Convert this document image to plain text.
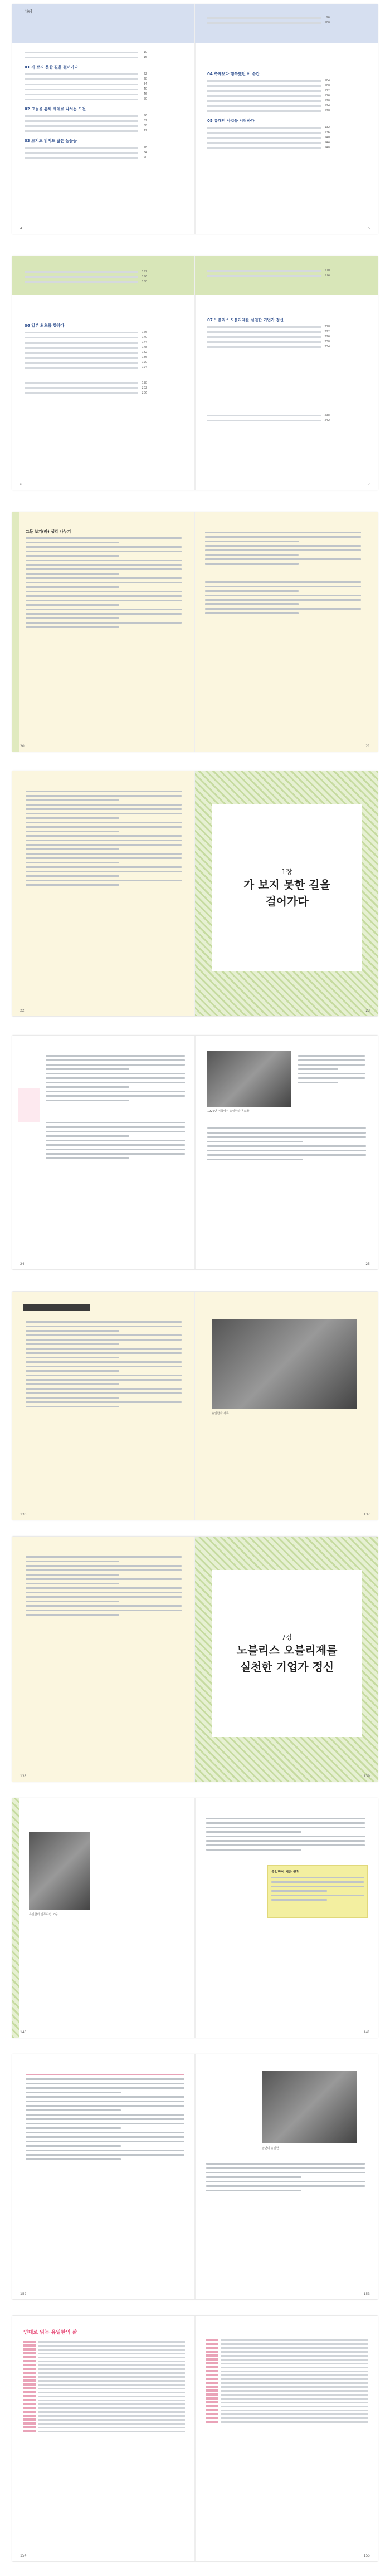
차례
10
16
01 가 보지 못한 길을 걸어가다
22
28
34
40
46
50
02 그들을 통해 세계로 나서는 도전
56
62
68
72
03 보지도 읽지도 않은 동물들
78
84
90
4
96
100
04 축제보다 행복했던 이 순간
104
108
112
116
120
124
128
05 유대인 사업을 시작하다
132
136
140
144
148
5
152
156
160
06 일본 최초를 향하다
166
170
174
178
182
186
190
194

198
202
206
6
210
214
07 노블리스 오블리제를 실천한 기업가 정신
218
222
226
230
234
238
242
7
그들 보기(빠) 생각 나누기
20	21
22
1장
가 보지 못한 길을
걸어가다
23
24
1926년 미국에서 유일한과 동료들
25
136
유일한과 가족
137
138
7장
노블리스 오블리제를
실천한 기업가 정신
139
유일한이 집무하던 모습
140
유일한이 세운 원칙
141
152
말년의 유일한
153
연대로 읽는 유일한의 삶
154	155
